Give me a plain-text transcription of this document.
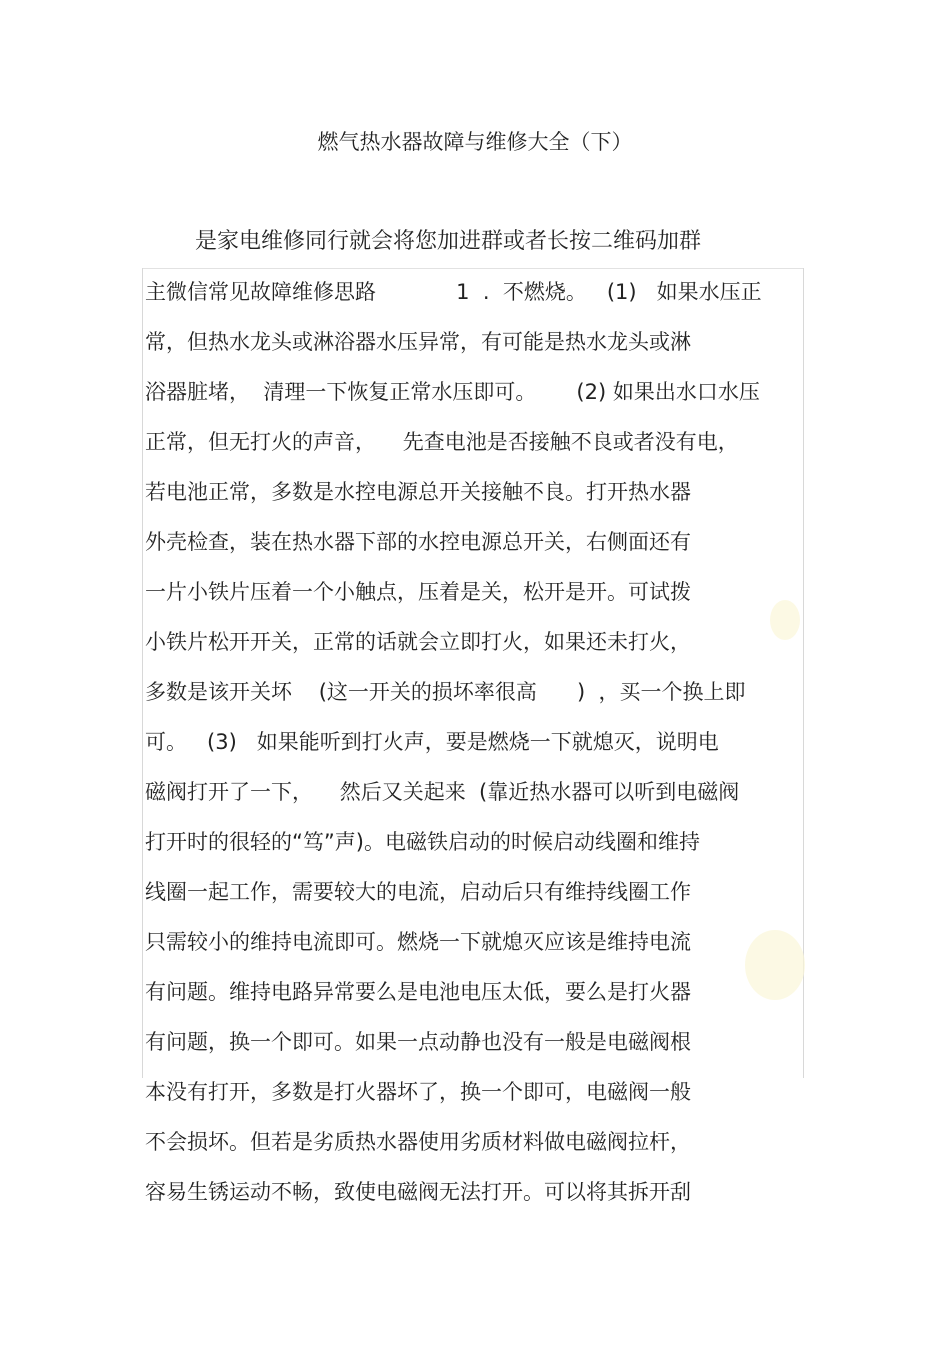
燃气热水器故障与维修大全（下）
是家电维修同行就会将您加进群或者长按二维码加群
主微信常见故障维修思路            1  .  不燃烧。   (1)   如果水压正
常，但热水龙头或淋浴器水压异常，有可能是热水龙头或淋
浴器脏堵，  清理一下恢复正常水压即可。      (2) 如果出水口水压
正常，但无打火的声音，    先查电池是否接触不良或者没有电，
若电池正常，多数是水控电源总开关接触不良。打开热水器
外壳检查，装在热水器下部的水控电源总开关，右侧面还有
一片小铁片压着一个小触点，压着是关，松开是开。可试拨
小铁片松开开关，正常的话就会立即打火，如果还未打火，
多数是该开关坏    (这一开关的损坏率很高      )  ，买一个换上即
可。   (3)   如果能听到打火声，要是燃烧一下就熄灭，说明电
磁阀打开了一下，    然后又关起来  (靠近热水器可以听到电磁阀
打开时的很轻的“笃”声)。电磁铁启动的时候启动线圈和维持
线圈一起工作，需要较大的电流，启动后只有维持线圈工作
只需较小的维持电流即可。燃烧一下就熄灭应该是维持电流
有问题。维持电路异常要么是电池电压太低，要么是打火器
有问题，换一个即可。如果一点动静也没有一般是电磁阀根
本没有打开，多数是打火器坏了，换一个即可，电磁阀一般
不会损坏。但若是劣质热水器使用劣质材料做电磁阀拉杆，
容易生锈运动不畅，致使电磁阀无法打开。可以将其拆开刮
